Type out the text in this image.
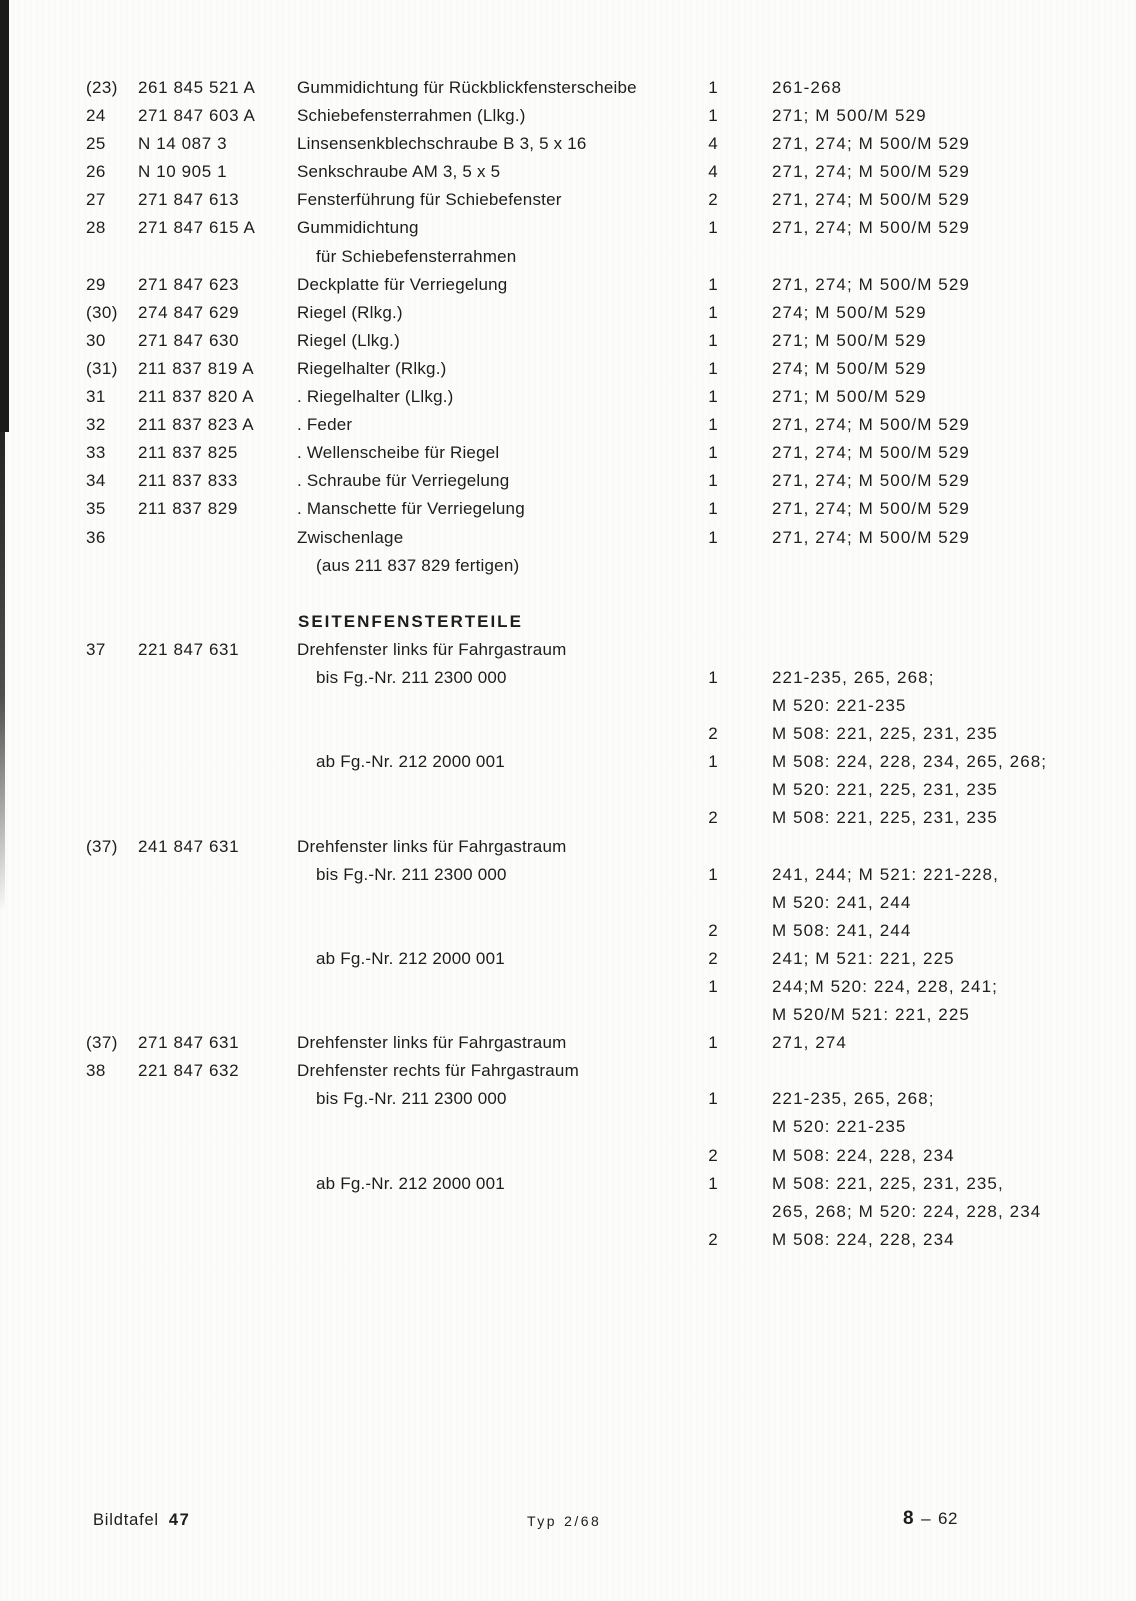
(23) 261 845 521 A Gummidichtung für Rückblickfensterscheibe	1	261-268
24 271 847 603 A Schiebefensterrahmen (Llkg.)	1	271; M 500/M 529
25 N 14 087 3	Linsensenkblechschraube B 3, 5 x 16	4	271, 274; M 500/M 529
26 N 10 905 1	Senkschraube AM 3, 5 x 5	4	271, 274; M 500/M 529
27 271 847 613	Fensterführung für Schiebefenster	2	271, 274; M 500/M 529
28 271 847 615 A Gummidichtung	1	271, 274; M 500/M 529
für Schiebefensterrahmen
29 271 847 623	Deckplatte für Verriegelung	1	271, 274; M 500/M 529
(30) 274 847 629	Riegel (Rlkg.)	1	274; M 500/M 529
30 271 847 630	Riegel (Llkg.)	1	271; M 500/M 529
(31) 211 837 819 A	Riegelhalter (Rlkg.)	1	274; M 500/M 529
31 211 837 820 A	. Riegelhalter (Llkg.)	1	271; M 500/M 529
32 211 837 823 A	. Feder	1	271, 274; M 500/M 529
33 211 837 825	. Wellenscheibe für Riegel	1	271, 274; M 500/M 529
34 211 837 833	. Schraube für Verriegelung	1	271, 274; M 500/M 529
35 211 837 829	. Manschette für Verriegelung	1	271, 274; M 500/M 529
36	Zwischenlage	1	271, 274; M 500/M 529
(aus 211 837 829 fertigen)
SEITENFENSTERTEILE
37 221 847 631	Drehfenster links für Fahrgastraum
bis Fg.-Nr. 211 2300 000	1	221-235, 265, 268;
M 520: 221-235
2	M 508: 221, 225, 231, 235
ab Fg.-Nr. 212 2000 001	1	M 508: 224, 228, 234, 265, 268;
M 520: 221, 225, 231, 235
2	M 508: 221, 225, 231, 235
(37) 241 847 631	Drehfenster links für Fahrgastraum
bis Fg.-Nr. 211 2300 000	1	241, 244; M 521: 221-228,
M 520: 241, 244
2	M 508: 241, 244
ab Fg.-Nr. 212 2000 001	2	241; M 521: 221, 225
1	244;M 520: 224, 228, 241;
M 520/M 521: 221, 225
(37) 271 847 631	Drehfenster links für Fahrgastraum	1	271, 274
38 221 847 632	Drehfenster rechts für Fahrgastraum
bis Fg.-Nr. 211 2300 000	1	221-235, 265, 268;
M 520: 221-235
2	M 508: 224, 228, 234
ab Fg.-Nr. 212 2000 001	1	M 508: 221, 225, 231, 235,
265, 268; M 520: 224, 228, 234
2	M 508: 224, 228, 234
Bildtafel 47	Typ 2/68	8 – 62
